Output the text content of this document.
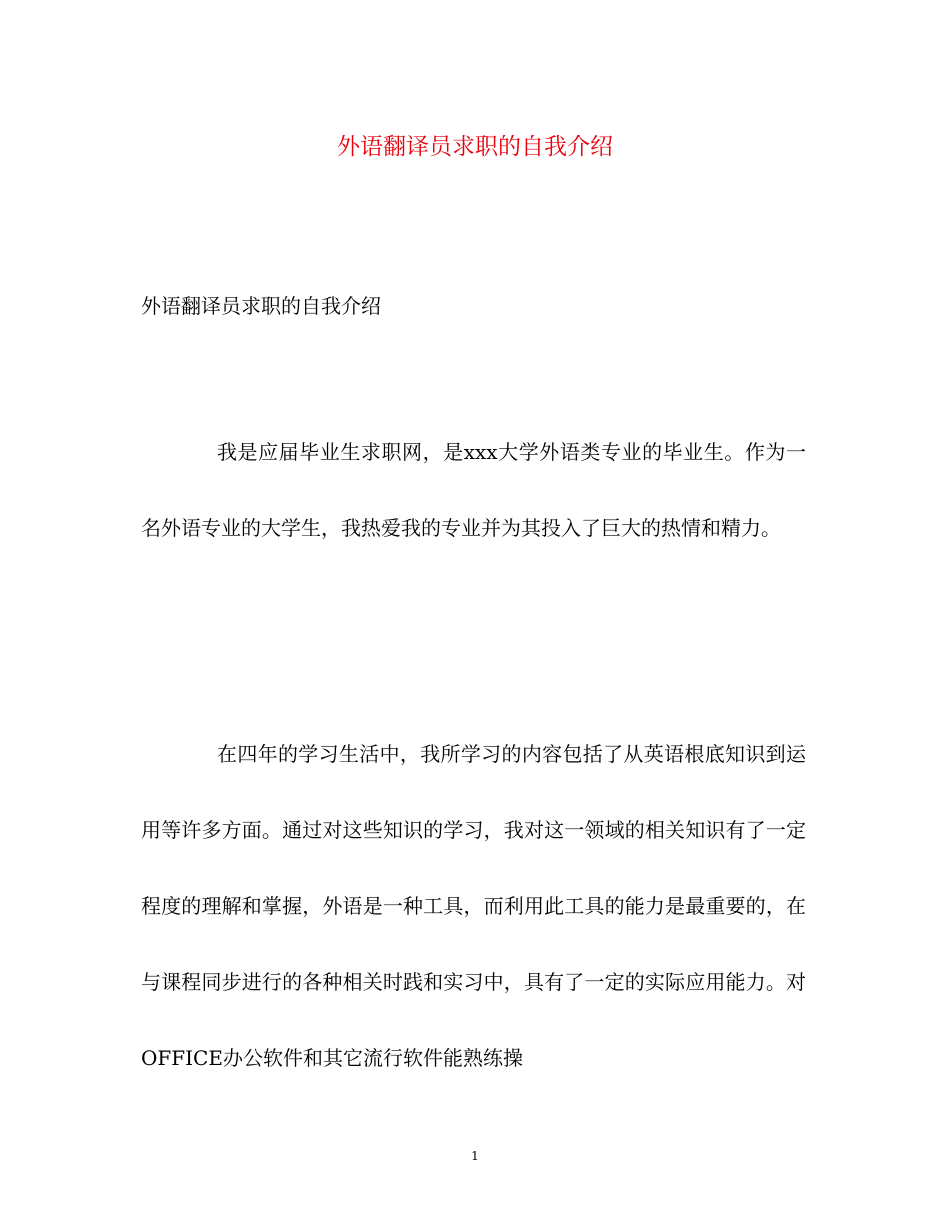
外语翻译员求职的自我介绍
外语翻译员求职的自我介绍

我是应届毕业生求职网，是xxx大学外语类专业的毕业生。作为一名外语专业的大学生，我热爱我的专业并为其投入了巨大的热情和精力。

在四年的学习生活中，我所学习的内容包括了从英语根底知识到运用等许多方面。通过对这些知识的学习，我对这一领域的相关知识有了一定程度的理解和掌握，外语是一种工具，而利用此工具的能力是最重要的，在与课程同步进行的各种相关时践和实习中，具有了一定的实际应用能力。对OFFICE办公软件和其它流行软件能熟练操

1
